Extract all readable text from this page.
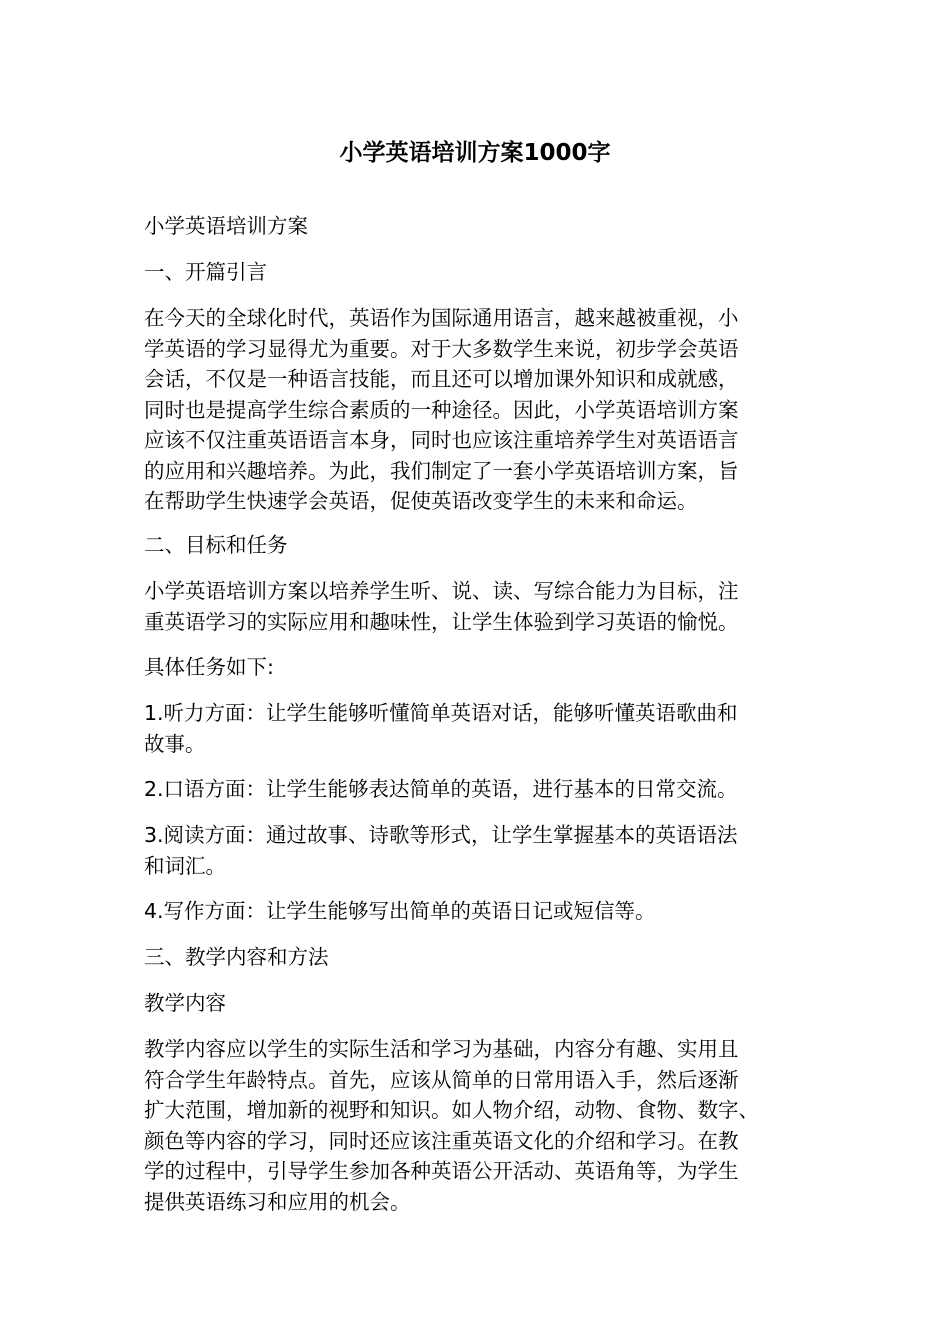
小学英语培训方案1000字

小学英语培训方案

一、开篇引言

在今天的全球化时代，英语作为国际通用语言，越来越被重视，小
学英语的学习显得尤为重要。对于大多数学生来说，初步学会英语
会话，不仅是一种语言技能，而且还可以增加课外知识和成就感，
同时也是提高学生综合素质的一种途径。因此，小学英语培训方案
应该不仅注重英语语言本身，同时也应该注重培养学生对英语语言
的应用和兴趣培养。为此，我们制定了一套小学英语培训方案，旨
在帮助学生快速学会英语，促使英语改变学生的未来和命运。

二、目标和任务

小学英语培训方案以培养学生听、说、读、写综合能力为目标，注
重英语学习的实际应用和趣味性，让学生体验到学习英语的愉悦。

具体任务如下:

1.听力方面：让学生能够听懂简单英语对话，能够听懂英语歌曲和
故事。

2.口语方面：让学生能够表达简单的英语，进行基本的日常交流。

3.阅读方面：通过故事、诗歌等形式，让学生掌握基本的英语语法
和词汇。

4.写作方面：让学生能够写出简单的英语日记或短信等。

三、教学内容和方法

教学内容

教学内容应以学生的实际生活和学习为基础，内容分有趣、实用且
符合学生年龄特点。首先，应该从简单的日常用语入手，然后逐渐
扩大范围，增加新的视野和知识。如人物介绍，动物、食物、数字、
颜色等内容的学习，同时还应该注重英语文化的介绍和学习。在教
学的过程中，引导学生参加各种英语公开活动、英语角等，为学生
提供英语练习和应用的机会。
